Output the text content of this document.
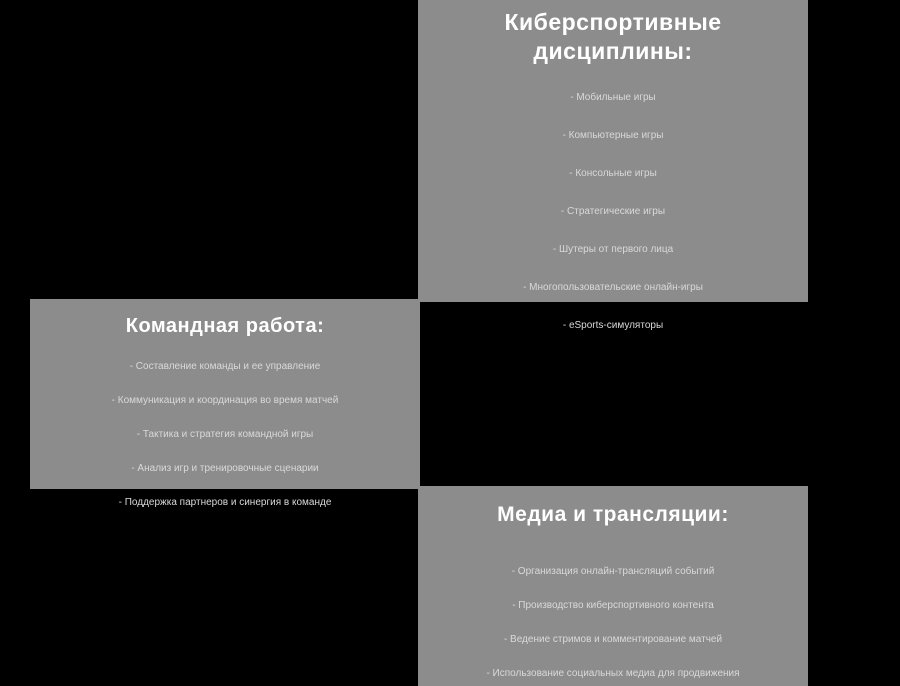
Киберспортивные дисциплины:
- Мобильные игры
- Компьютерные игры
- Консольные игры
- Стратегические игры
- Шутеры от первого лица
- Многопользовательские онлайн-игры
- eSports-симуляторы
Командная работа:
- Составление команды и ее управление
- Коммуникация и координация во время матчей
- Тактика и стратегия командной игры
- Анализ игр и тренировочные сценарии
- Поддержка партнеров и синергия в команде
Медиа и трансляции:
- Организация онлайн-трансляций событий
- Производство киберспортивного контента
- Ведение стримов и комментирование матчей
- Использование социальных медиа для продвижения
